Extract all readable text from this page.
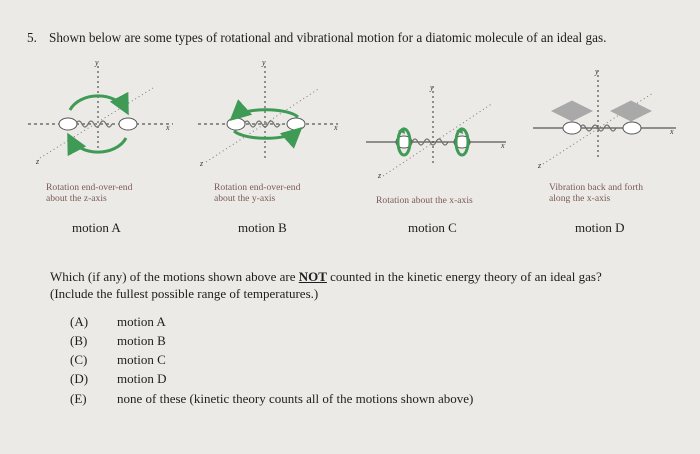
5. Shown below are some types of rotational and vibrational motion for a diatomic molecule of an ideal gas.
y
x
z
y
x
z
y
x
z
y
x
z
Rotation end-over-end
about the z-axis
Rotation end-over-end
about the y-axis	Rotation about the x-axis
Vibration back and forth
along the x-axis
motion A	motion B	motion C	motion D
Which (if any) of the motions shown above are NOT counted in the kinetic energy theory of an ideal gas?
(Include the fullest possible range of temperatures.)
(A) motion A
(B) motion B
(C) motion C
(D) motion D
(E) none of these (kinetic theory counts all of the motions shown above)
